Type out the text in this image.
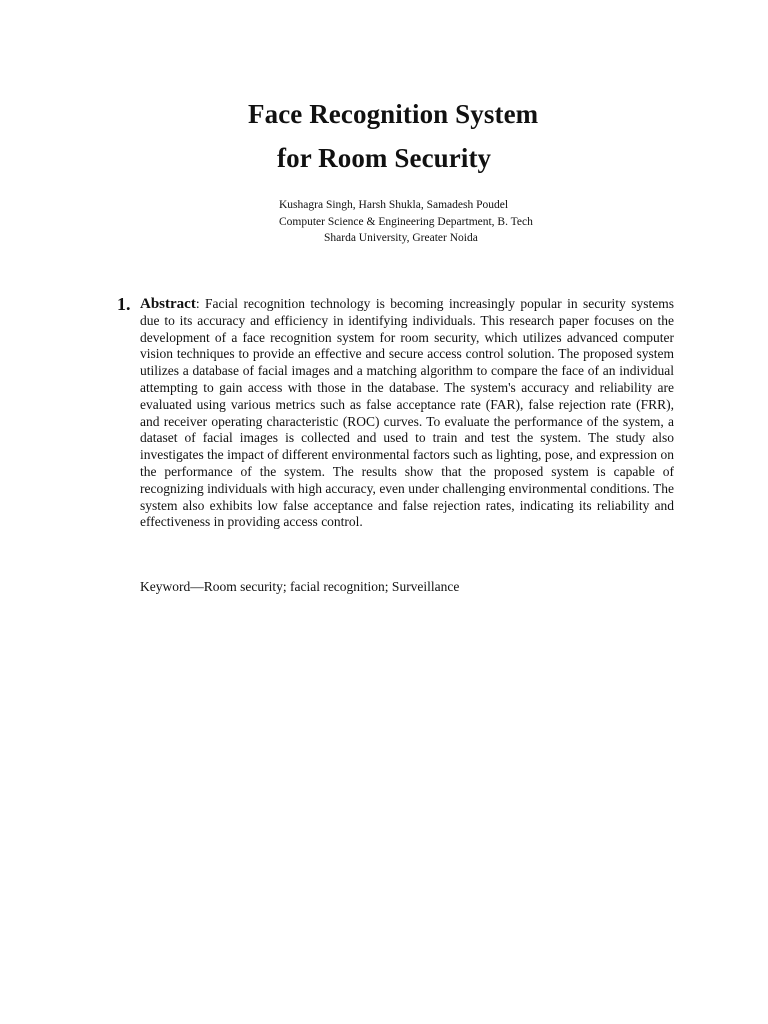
Face Recognition System
for Room Security
Kushagra Singh, Harsh Shukla, Samadesh Poudel
Computer Science & Engineering Department, B. Tech
Sharda University, Greater Noida
1. Abstract: Facial recognition technology is becoming increasingly popular in security systems due to its accuracy and efficiency in identifying individuals. This research paper focuses on the development of a face recognition system for room security, which utilizes advanced computer vision techniques to provide an effective and secure access control solution. The proposed system utilizes a database of facial images and a matching algorithm to compare the face of an individual attempting to gain access with those in the database. The system's accuracy and reliability are evaluated using various metrics such as false acceptance rate (FAR), false rejection rate (FRR), and receiver operating characteristic (ROC) curves. To evaluate the performance of the system, a dataset of facial images is collected and used to train and test the system. The study also investigates the impact of different environmental factors such as lighting, pose, and expression on the performance of the system. The results show that the proposed system is capable of recognizing individuals with high accuracy, even under challenging environmental conditions. The system also exhibits low false acceptance and false rejection rates, indicating its reliability and effectiveness in providing access control.

Keyword—Room security; facial recognition; Surveillance
